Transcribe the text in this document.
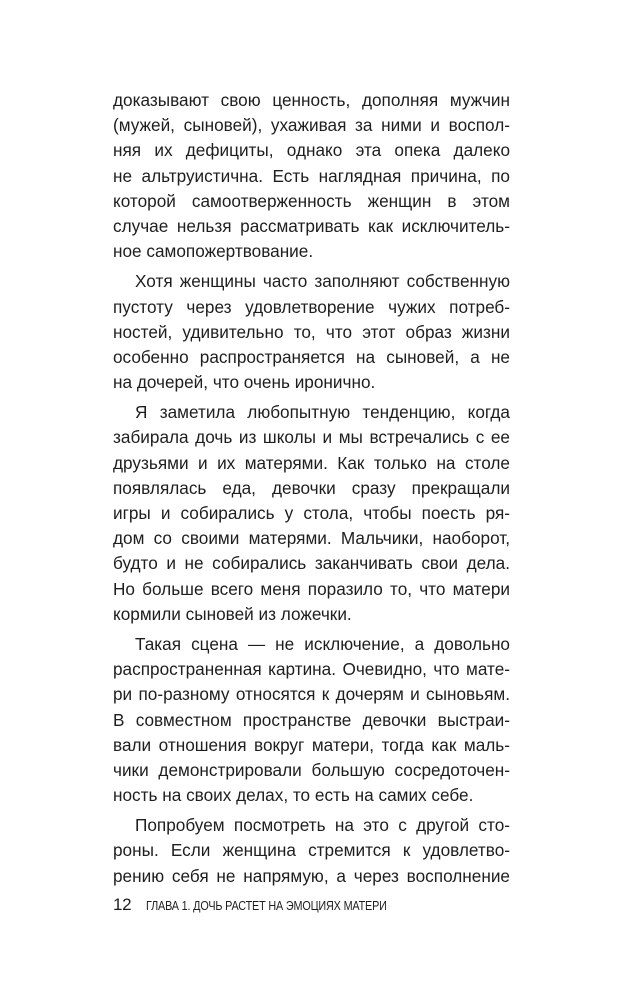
доказывают свою ценность, дополняя мужчин
(мужей, сыновей), ухаживая за ними и воспол-
няя их дефициты, однако эта опека далеко
не альтруистична. Есть наглядная причина, по
которой самоотверженность женщин в этом
случае нельзя рассматривать как исключитель-
ное самопожертвование.

Хотя женщины часто заполняют собственную
пустоту через удовлетворение чужих потреб-
ностей, удивительно то, что этот образ жизни
особенно распространяется на сыновей, а не
на дочерей, что очень иронично.

Я заметила любопытную тенденцию, когда
забирала дочь из школы и мы встречались с ее
друзьями и их матерями. Как только на столе
появлялась еда, девочки сразу прекращали
игры и собирались у стола, чтобы поесть ря-
дом со своими матерями. Мальчики, наоборот,
будто и не собирались заканчивать свои дела.
Но больше всего меня поразило то, что матери
кормили сыновей из ложечки.

Такая сцена — не исключение, а довольно
распространенная картина. Очевидно, что мате-
ри по-разному относятся к дочерям и сыновьям.
В совместном пространстве девочки выстраи-
вали отношения вокруг матери, тогда как маль-
чики демонстрировали большую сосредоточен-
ность на своих делах, то есть на самих себе.

Попробуем посмотреть на это с другой сто-
роны. Если женщина стремится к удовлетво-
рению себя не напрямую, а через восполнение

12 ГЛАВА 1. ДОЧЬ РАСТЕТ НА ЭМОЦИЯХ МАТЕРИ
